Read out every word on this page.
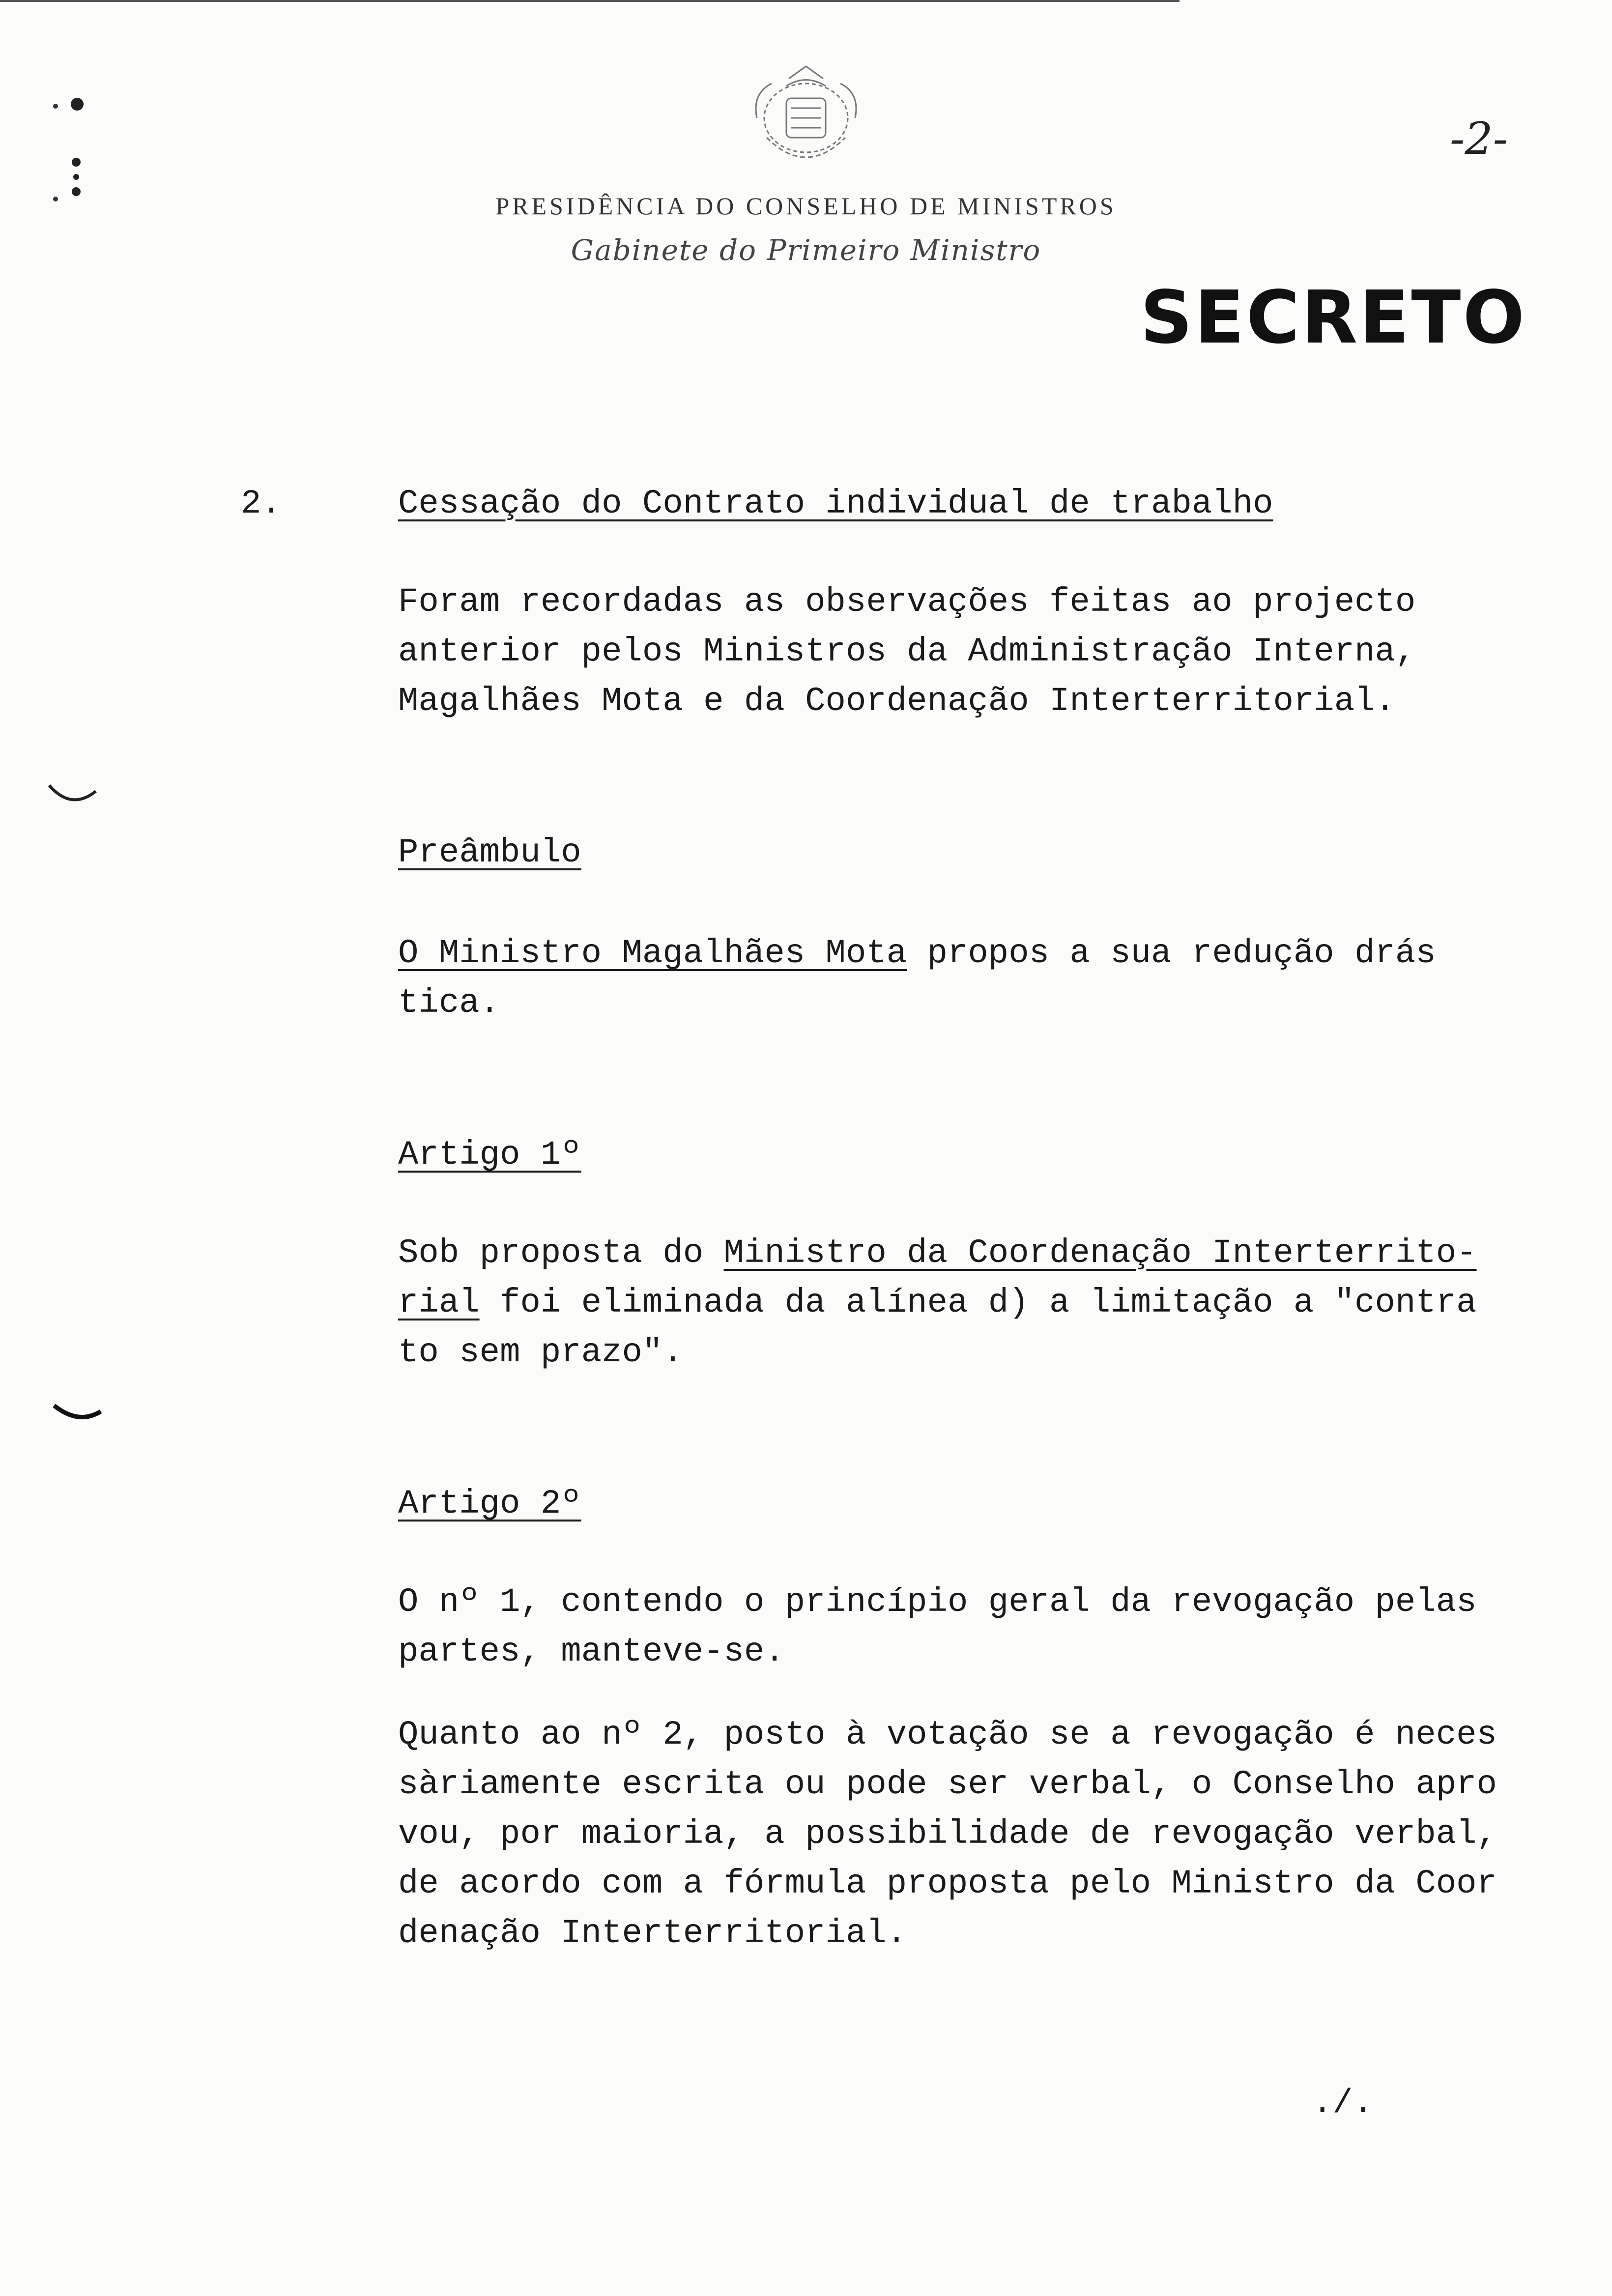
PRESIDÊNCIA DO CONSELHO DE MINISTROS
Gabinete do Primeiro Ministro
-2-
SECRETO
2.	Cessação do Contrato individual de trabalho
Foram recordadas as observações feitas ao projecto
anterior pelos Ministros da Administração Interna,
Magalhães Mota e da Coordenação Interterritorial.
Preâmbulo
O Ministro Magalhães Mota propos a sua redução drás
tica.
Artigo 1º
Sob proposta do Ministro da Coordenação Interterrito-
rial foi eliminada da alínea d) a limitação a "contra
to sem prazo".
Artigo 2º
O nº 1, contendo o princípio geral da revogação pelas
partes, manteve-se.
Quanto ao nº 2, posto à votação se a revogação é neces
sàriamente escrita ou pode ser verbal, o Conselho apro
vou, por maioria, a possibilidade de revogação verbal,
de acordo com a fórmula proposta pelo Ministro da Coor
denação Interterritorial.
./.
